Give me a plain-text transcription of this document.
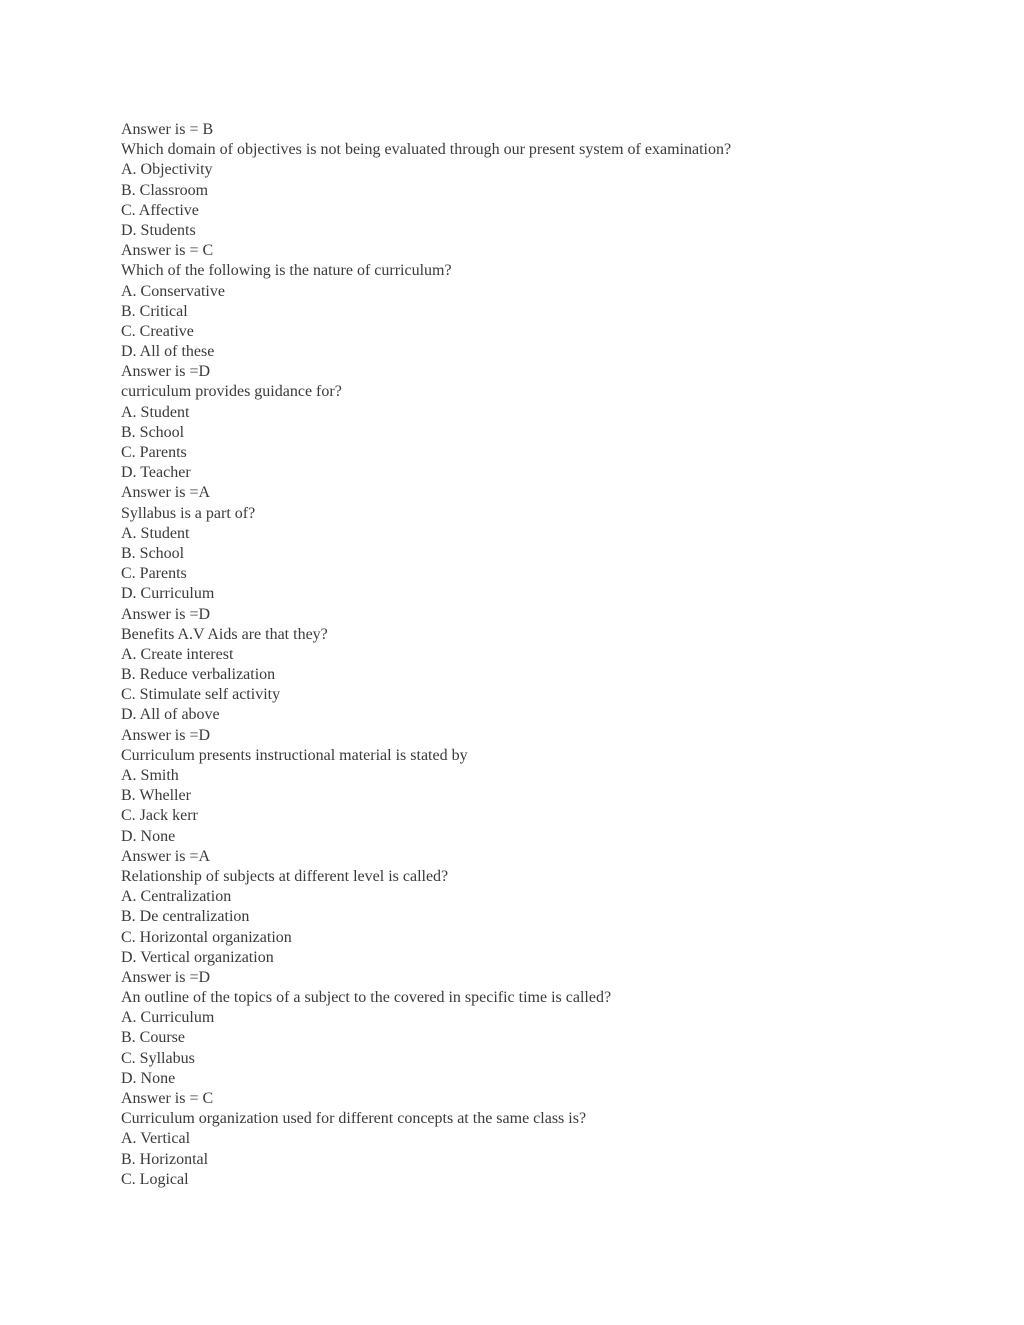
Answer is = B
Which domain of objectives is not being evaluated through our present system of examination?
A. Objectivity
B. Classroom
C. Affective
D. Students
Answer is = C
Which of the following is the nature of curriculum?
A. Conservative
B. Critical
C. Creative
D. All of these
Answer is =D
curriculum provides guidance for?
A. Student
B. School
C. Parents
D. Teacher
Answer is =A
Syllabus is a part of?
A. Student
B. School
C. Parents
D. Curriculum
Answer is =D
Benefits A.V Aids are that they?
A. Create interest
B. Reduce verbalization
C. Stimulate self activity
D. All of above
Answer is =D
Curriculum presents instructional material is stated by
A. Smith
B. Wheller
C. Jack kerr
D. None
Answer is =A
Relationship of subjects at different level is called?
A. Centralization
B. De centralization
C. Horizontal organization
D. Vertical organization
Answer is =D
An outline of the topics of a subject to the covered in specific time is called?
A. Curriculum
B. Course
C. Syllabus
D. None
Answer is = C
Curriculum organization used for different concepts at the same class is?
A. Vertical
B. Horizontal
C. Logical
